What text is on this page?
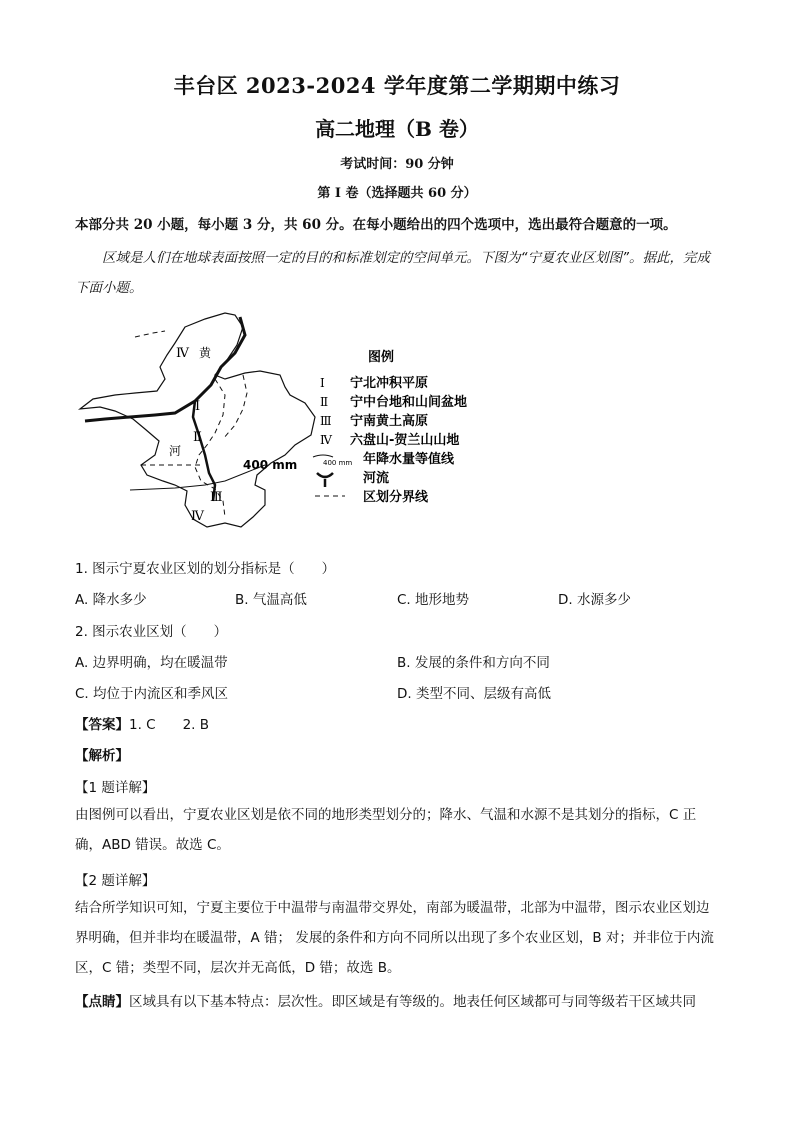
丰台区 2023-2024 学年度第二学期期中练习
高二地理（B 卷）
考试时间：90 分钟
第 I 卷（选择题共 60 分）
本部分共 20 小题，每小题 3 分，共 60 分。在每小题给出的四个选项中，选出最符合题意的一项。
区域是人们在地球表面按照一定的目的和标准划定的空间单元。下图为“宁夏农业区划图”。据此，完成下面小题。
Ⅳ 黄
Ⅰ
Ⅱ
河
400 mm
Ⅲ
Ⅳ
图例
Ⅰ 宁北冲积平原
Ⅱ 宁中台地和山间盆地
Ⅲ 宁南黄土高原
Ⅳ 六盘山-贺兰山山地
400 mm 年降水量等值线
河流
区划分界线
1. 图示宁夏农业区划的划分指标是（　　）
A. 降水多少	B. 气温高低	C. 地形地势	D. 水源多少
2. 图示农业区划（　　）
A. 边界明确，均在暖温带	B. 发展的条件和方向不同
C. 均位于内流区和季风区	D. 类型不同、层级有高低
【答案】1. C　　2. B
【解析】
【1 题详解】
由图例可以看出，宁夏农业区划是依不同的地形类型划分的；降水、气温和水源不是其划分的指标，C 正确，ABD 错误。故选 C。
【2 题详解】
结合所学知识可知，宁夏主要位于中温带与南温带交界处，南部为暖温带，北部为中温带，图示农业区划边界明确，但并非均在暖温带，A 错； 发展的条件和方向不同所以出现了多个农业区划，B 对；并非位于内流区，C 错；类型不同，层次并无高低，D 错；故选 B。
【点睛】区域具有以下基本特点：层次性。即区域是有等级的。地表任何区域都可与同等级若干区域共同
